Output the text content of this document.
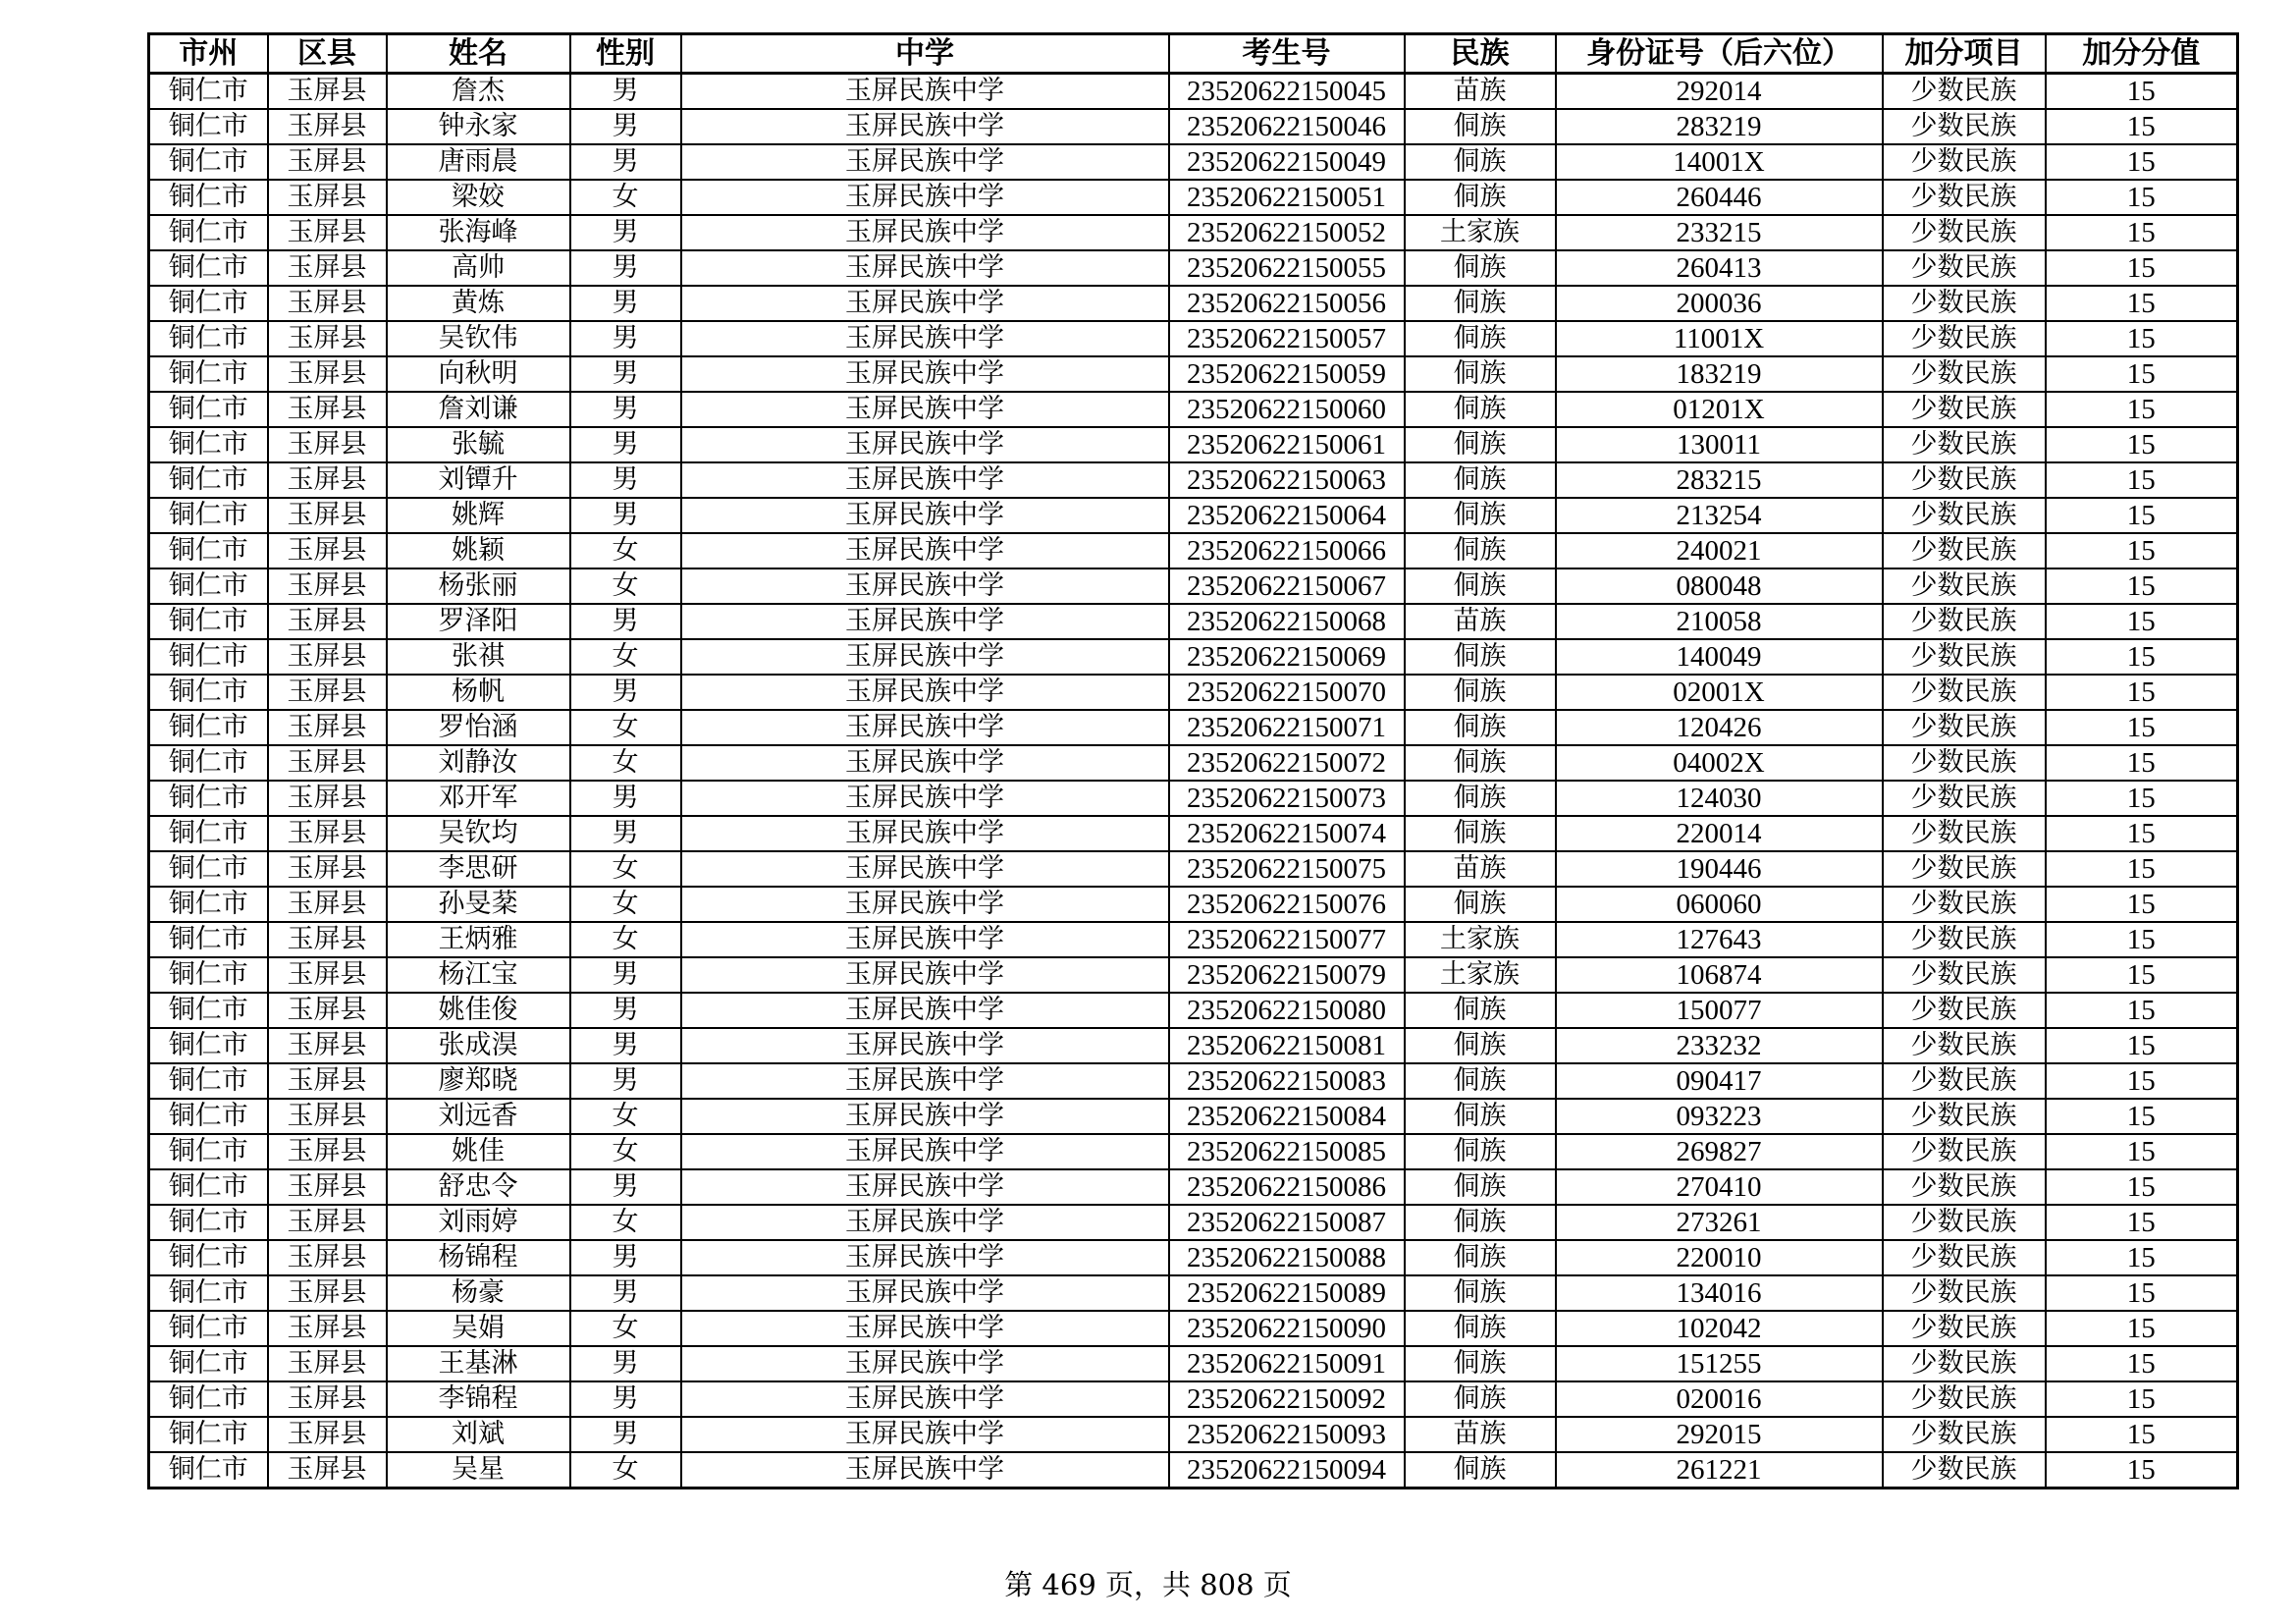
市州	区县	姓名	性别	中学	考生号	民族	身份证号（后六位）	加分项目	加分分值
铜仁市	玉屏县	詹杰	男	玉屏民族中学	23520622150045	苗族	292014	少数民族	15
铜仁市	玉屏县	钟永家	男	玉屏民族中学	23520622150046	侗族	283219	少数民族	15
铜仁市	玉屏县	唐雨晨	男	玉屏民族中学	23520622150049	侗族	14001X	少数民族	15
铜仁市	玉屏县	梁姣	女	玉屏民族中学	23520622150051	侗族	260446	少数民族	15
铜仁市	玉屏县	张海峰	男	玉屏民族中学	23520622150052	土家族	233215	少数民族	15
铜仁市	玉屏县	高帅	男	玉屏民族中学	23520622150055	侗族	260413	少数民族	15
铜仁市	玉屏县	黄炼	男	玉屏民族中学	23520622150056	侗族	200036	少数民族	15
铜仁市	玉屏县	吴钦伟	男	玉屏民族中学	23520622150057	侗族	11001X	少数民族	15
铜仁市	玉屏县	向秋明	男	玉屏民族中学	23520622150059	侗族	183219	少数民族	15
铜仁市	玉屏县	詹刘谦	男	玉屏民族中学	23520622150060	侗族	01201X	少数民族	15
铜仁市	玉屏县	张毓	男	玉屏民族中学	23520622150061	侗族	130011	少数民族	15
铜仁市	玉屏县	刘镡升	男	玉屏民族中学	23520622150063	侗族	283215	少数民族	15
铜仁市	玉屏县	姚辉	男	玉屏民族中学	23520622150064	侗族	213254	少数民族	15
铜仁市	玉屏县	姚颖	女	玉屏民族中学	23520622150066	侗族	240021	少数民族	15
铜仁市	玉屏县	杨张丽	女	玉屏民族中学	23520622150067	侗族	080048	少数民族	15
铜仁市	玉屏县	罗泽阳	男	玉屏民族中学	23520622150068	苗族	210058	少数民族	15
铜仁市	玉屏县	张祺	女	玉屏民族中学	23520622150069	侗族	140049	少数民族	15
铜仁市	玉屏县	杨帆	男	玉屏民族中学	23520622150070	侗族	02001X	少数民族	15
铜仁市	玉屏县	罗怡涵	女	玉屏民族中学	23520622150071	侗族	120426	少数民族	15
铜仁市	玉屏县	刘静汝	女	玉屏民族中学	23520622150072	侗族	04002X	少数民族	15
铜仁市	玉屏县	邓开军	男	玉屏民族中学	23520622150073	侗族	124030	少数民族	15
铜仁市	玉屏县	吴钦均	男	玉屏民族中学	23520622150074	侗族	220014	少数民族	15
铜仁市	玉屏县	李思研	女	玉屏民族中学	23520622150075	苗族	190446	少数民族	15
铜仁市	玉屏县	孙旻棻	女	玉屏民族中学	23520622150076	侗族	060060	少数民族	15
铜仁市	玉屏县	王炳雅	女	玉屏民族中学	23520622150077	土家族	127643	少数民族	15
铜仁市	玉屏县	杨江宝	男	玉屏民族中学	23520622150079	土家族	106874	少数民族	15
铜仁市	玉屏县	姚佳俊	男	玉屏民族中学	23520622150080	侗族	150077	少数民族	15
铜仁市	玉屏县	张成淏	男	玉屏民族中学	23520622150081	侗族	233232	少数民族	15
铜仁市	玉屏县	廖郑晓	男	玉屏民族中学	23520622150083	侗族	090417	少数民族	15
铜仁市	玉屏县	刘远香	女	玉屏民族中学	23520622150084	侗族	093223	少数民族	15
铜仁市	玉屏县	姚佳	女	玉屏民族中学	23520622150085	侗族	269827	少数民族	15
铜仁市	玉屏县	舒忠令	男	玉屏民族中学	23520622150086	侗族	270410	少数民族	15
铜仁市	玉屏县	刘雨婷	女	玉屏民族中学	23520622150087	侗族	273261	少数民族	15
铜仁市	玉屏县	杨锦程	男	玉屏民族中学	23520622150088	侗族	220010	少数民族	15
铜仁市	玉屏县	杨豪	男	玉屏民族中学	23520622150089	侗族	134016	少数民族	15
铜仁市	玉屏县	吴娟	女	玉屏民族中学	23520622150090	侗族	102042	少数民族	15
铜仁市	玉屏县	王基淋	男	玉屏民族中学	23520622150091	侗族	151255	少数民族	15
铜仁市	玉屏县	李锦程	男	玉屏民族中学	23520622150092	侗族	020016	少数民族	15
铜仁市	玉屏县	刘斌	男	玉屏民族中学	23520622150093	苗族	292015	少数民族	15
铜仁市	玉屏县	吴星	女	玉屏民族中学	23520622150094	侗族	261221	少数民族	15
第 469 页，共 808 页
